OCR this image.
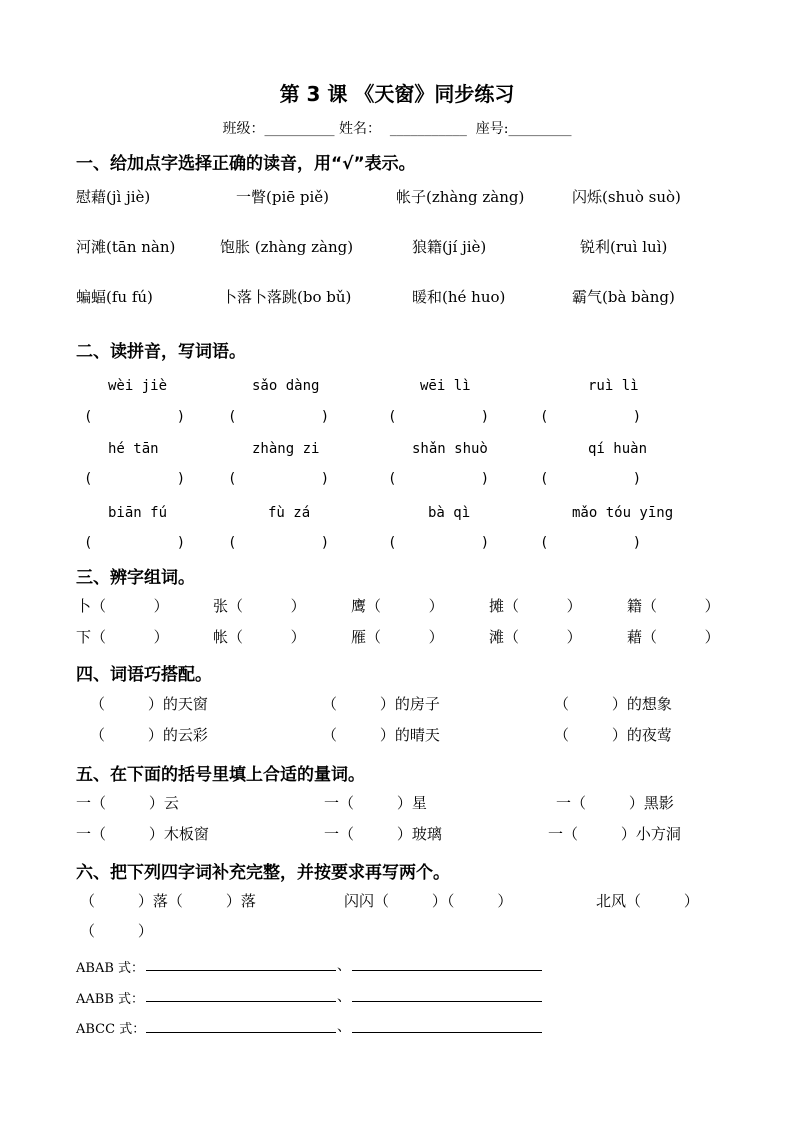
第 3 课 《天窗》同步练习
班级：__________ 姓名：  ___________  座号:_________
一、给加点字选择正确的读音，用“√”表示。
慰藉(jì jiè)	一瞥(piē piě)	帐子(zhàng zàng)	闪烁(shuò suò)
河滩(tān nàn)	饱胀 (zhàng zàng)	狼籍(jí jiè)	锐利(ruì luì)
蝙蝠(fu fú)	卜落卜落跳(bo bǔ)	暖和(hé huo)	霸气(bà bàng)
二、读拼音，写词语。
wèi jiè	sǎo dàng	wēi lì	ruì lì
(          )	(          )	(          )	(          )
hé tān	zhàng zi	shǎn shuò	qí huàn
(          )	(          )	(          )	(          )
biān fú	fù zá	bà qì	mǎo tóu yīng
(          )	(          )	(          )	(          )
三、辨字组词。
卜（          ）	张（          ）	鹰（          ）	摊（          ）	籍（          ）
下（          ）	帐（          ）	雁（          ）	滩（          ）	藉（          ）
四、词语巧搭配。
（         ）的天窗	（         ）的房子	（         ）的想象
（         ）的云彩	（         ）的晴天	（         ）的夜莺
五、在下面的括号里填上合适的量词。
一（         ）云	一（         ）星	一（         ）黑影
一（         ）木板窗	一（         ）玻璃	一（         ）小方洞
六、把下列四字词补充完整，并按要求再写两个。
（         ）落（         ）落	闪闪（         ）（         ）	北风（         ）
（         ）
ABAB 式：	、
AABB 式：	、
ABCC 式：	、
